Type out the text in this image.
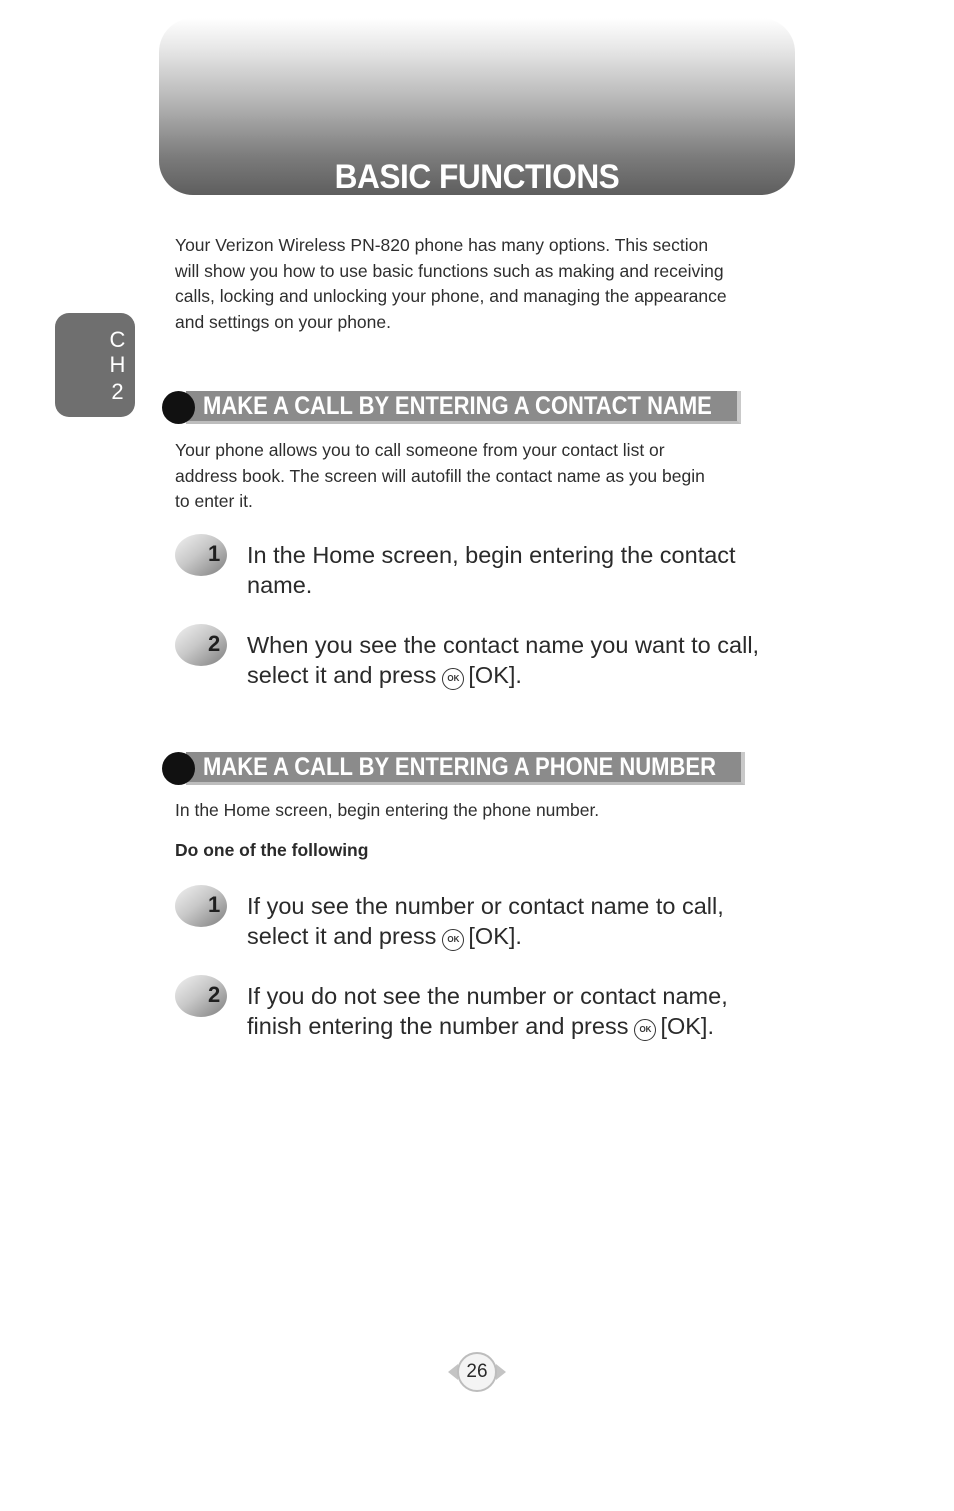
BASIC FUNCTIONS
C
H
2
Your Verizon Wireless PN-820 phone has many options. This section
will show you how to use basic functions such as making and receiving
calls, locking and unlocking your phone, and managing the appearance
and settings on your phone.
MAKE A CALL BY ENTERING A CONTACT NAME
Your phone allows you to call someone from your contact list or
address book. The screen will autofill the contact name as you begin
to enter it.
1 In the Home screen, begin entering the contact
name.
2 When you see the contact name you want to call,
select it and press OK [OK].
MAKE A CALL BY ENTERING A PHONE NUMBER
In the Home screen, begin entering the phone number.
Do one of the following
1 If you see the number or contact name to call,
select it and press OK [OK].
2 If you do not see the number or contact name,
finish entering the number and press OK [OK].
26
